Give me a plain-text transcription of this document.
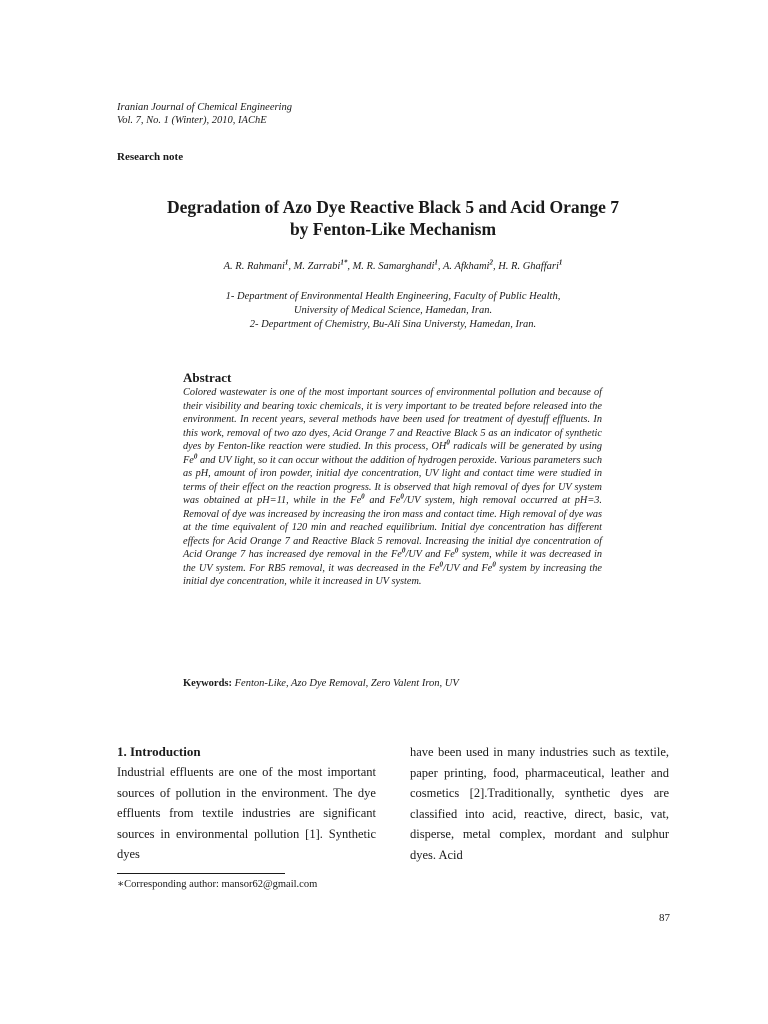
Iranian Journal of Chemical Engineering
Vol. 7, No. 1 (Winter), 2010, IAChE
Research note
Degradation of Azo Dye Reactive Black 5 and Acid Orange 7
by Fenton-Like Mechanism
A. R. Rahmani$^1$, M. Zarrabi$^{1*}$, M. R. Samarghandi$^1$, A. Afkhami$^2$, H. R. Ghaffari$^1$
1- Department of Environmental Health Engineering, Faculty of Public Health,
University of Medical Science, Hamedan, Iran.
2- Department of Chemistry, Bu-Ali Sina Universty, Hamedan, Iran.
Abstract

Colored wastewater is one of the most important sources of environmental pollution and because of their visibility and bearing toxic chemicals, it is very important to be treated before released into the environment. In recent years, several methods have been used for treatment of dyestuff effluents. In this work, removal of two azo dyes, Acid Orange 7 and Reactive Black 5 as an indicator of synthetic dyes by Fenton-like reaction were studied. In this process, $OH^0$ radicals will be generated by using Fe$^0$ and UV light, so it can occur without the addition of hydrogen peroxide. Various parameters such as pH, amount of iron powder, initial dye concentration, UV light and contact time were studied in terms of their effect on the reaction progress. It is observed that high removal of dyes for UV system was obtained at pH=11, while in the Fe$^0$ and Fe$^0$/UV system, high removal occurred at pH=3. Removal of dye was increased by increasing the iron mass and contact time. High removal of dye was at the time equivalent of 120 min and reached equilibrium. Initial dye concentration has different effects for Acid Orange 7 and Reactive Black 5 removal. Increasing the initial dye concentration of Acid Orange 7 has increased dye removal in the Fe$^0$/UV and Fe$^0$ system, while it was decreased in the UV system. For RB5 removal, it was decreased in the Fe$^0$/UV and Fe$^0$ system by increasing the initial dye concentration, while it increased in UV system.

Keywords: Fenton-Like, Azo Dye Removal, Zero Valent Iron, UV
1. Introduction

Industrial effluents are one of the most important sources of pollution in the environment. The dye effluents from textile industries are significant sources in environmental pollution [1]. Synthetic dyes

have been used in many industries such as textile, paper printing, food, pharmaceutical, leather and cosmetics [2].Traditionally, synthetic dyes are classified into acid, reactive, direct, basic, vat, disperse, metal complex, mordant and sulphur dyes. Acid

∗Corresponding author: mansor62@gmail.com
87
